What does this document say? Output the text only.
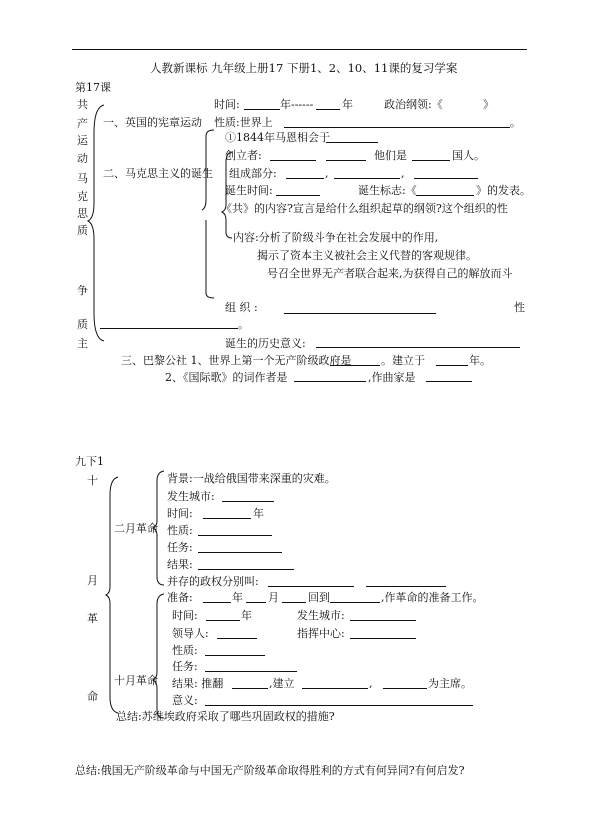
人教新课标 九年级上册17 下册1、2、10、11课的复习学案
第17课
共
产
运
动
马
克
思
质
争
质
主
时间:	年------	年	政治纲领:《	》
一、英国的宪章运动 性质:世界上	。
①1844年马恩相会于
创立者:	他们是	国人。
二、马克思主义的诞生 组成部分:	,	,
诞生时间:	诞生标志:《	》的发表。
《共》的内容?宣言是给什么组织起草的纲领?这个组织的性
内容:分析了阶级斗争在社会发展中的作用,
揭示了资本主义被社会主义代替的客观规律。
号召全世界无产者联合起来,为获得自己的解放而斗
组 织 :	性
。
诞生的历史意义:
三、巴黎公社 1、世界上第一个无产阶级政府是	。建立于	年。
2、《国际歌》的词作者是	,作曲家是
九下1
十
月
革
命
二月革命
背景:一战给俄国带来深重的灾难。
发生城市:
时间:	年
性质:
任务:
结果:
并存的政权分别叫:
十月革命
准备:	年 月	回到	,作革命的准备工作。
时间:	年	发生城市:
领导人:	指挥中心:
性质:
任务:
结果: 推翻	,建立	,	为主席。
意义:
总结:苏维埃政府采取了哪些巩固政权的措施?
总结:俄国无产阶级革命与中国无产阶级革命取得胜利的方式有何异同?有何启发?
